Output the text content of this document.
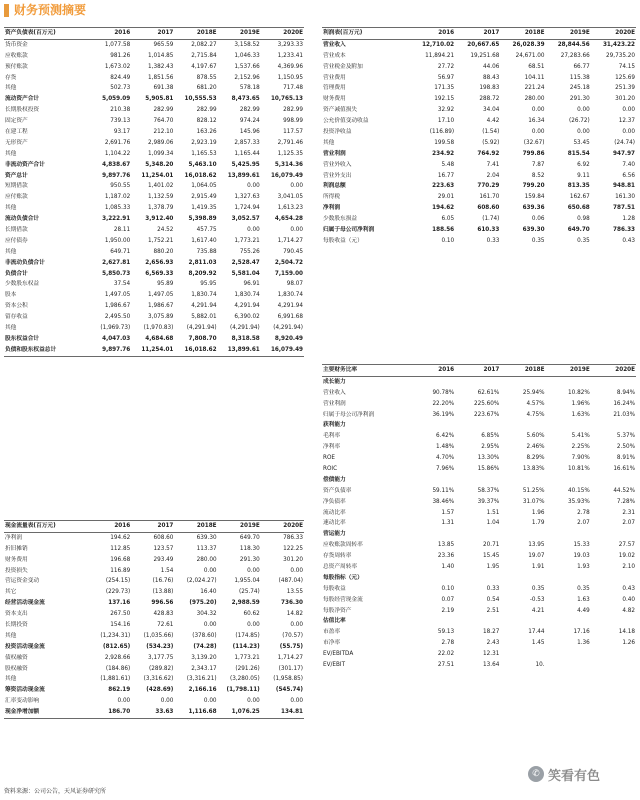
财务预测摘要
资产负债表(百万元)	2016	2017	2018E	2019E	2020E
货币资金	1,077.58	965.59	2,082.27	3,158.52	3,293.33
应收账款	981.26	1,014.85	2,715.84	1,046.33	1,233.41
预付账款	1,673.02	1,382.43	4,197.67	1,537.66	4,369.96
存货	824.49	1,851.56	878.55	2,152.96	1,150.95
其他	502.73	691.38	681.20	578.18	717.48
流动资产合计	5,059.09	5,905.81	10,555.53	8,473.65	10,765.13
长期股权投资	210.38	282.99	282.99	282.99	282.99
固定资产	739.13	764.70	828.12	974.24	998.99
在建工程	93.17	212.10	163.26	145.96	117.57
无形资产	2,691.76	2,989.06	2,923.19	2,857.33	2,791.46
其他	1,104.22	1,099.34	1,165.53	1,165.44	1,125.35
非流动资产合计	4,838.67	5,348.20	5,463.10	5,425.95	5,314.36
资产总计	9,897.76	11,254.01	16,018.62	13,899.61	16,079.49
短期借款	950.55	1,401.02	1,064.05	0.00	0.00
应付账款	1,187.02	1,132.59	2,915.49	1,327.63	3,041.05
其他	1,085.33	1,378.79	1,419.35	1,724.94	1,613.23
流动负债合计	3,222.91	3,912.40	5,398.89	3,052.57	4,654.28
长期借款	28.11	24.52	457.75	0.00	0.00
应付债券	1,950.00	1,752.21	1,617.40	1,773.21	1,714.27
其他	649.71	880.20	735.88	755.26	790.45
非流动负债合计	2,627.81	2,656.93	2,811.03	2,528.47	2,504.72
负债合计	5,850.73	6,569.33	8,209.92	5,581.04	7,159.00
少数股东权益	37.54	95.89	95.95	96.91	98.07
股本	1,497.05	1,497.05	1,830.74	1,830.74	1,830.74
资本公积	1,986.67	1,986.67	4,291.94	4,291.94	4,291.94
留存收益	2,495.50	3,075.89	5,882.01	6,390.02	6,991.68
其他	(1,969.73)	(1,970.83)	(4,291.94)	(4,291.94)	(4,291.94)
股东权益合计	4,047.03	4,684.68	7,808.70	8,318.58	8,920.49
负债和股东权益总计	9,897.76	11,254.01	16,018.62	13,899.61	16,079.49
利润表(百万元)	2016	2017	2018E	2019E	2020E
营业收入	12,710.02	20,667.65	26,028.39	28,844.56	31,423.22
营业成本	11,894.21	19,251.68	24,671.00	27,283.66	29,735.20
营业税金及附加	27.72	44.06	68.51	66.77	74.15
营业费用	56.97	88.43	104.11	115.38	125.69
管理费用	171.35	198.83	221.24	245.18	251.39
财务费用	192.15	288.72	280.00	291.30	301.20
资产减值损失	32.92	34.04	0.00	0.00	0.00
公允价值变动收益	17.10	4.42	16.34	(26.72)	12.37
投资净收益	(116.89)	(1.54)	0.00	0.00	0.00
其他	199.58	(5.92)	(32.67)	53.45	(24.74)
营业利润	234.92	764.92	799.86	815.54	947.97
营业外收入	5.48	7.41	7.87	6.92	7.40
营业外支出	16.77	2.04	8.52	9.11	6.56
利润总额	223.63	770.29	799.20	813.35	948.81
所得税	29.01	161.70	159.84	162.67	161.30
净利润	194.62	608.60	639.36	650.68	787.51
少数股东损益	6.05	(1.74)	0.06	0.98	1.28
归属于母公司净利润	188.56	610.33	639.30	649.70	786.33
每股收益（元）	0.10	0.33	0.35	0.35	0.43
主要财务比率	2016	2017	2018E	2019E	2020E
成长能力					
营业收入	90.78%	62.61%	25.94%	10.82%	8.94%
营业利润	22.20%	225.60%	4.57%	1.96%	16.24%
归属于母公司净利润	36.19%	223.67%	4.75%	1.63%	21.03%
获利能力					
毛利率	6.42%	6.85%	5.60%	5.41%	5.37%
净利率	1.48%	2.95%	2.46%	2.25%	2.50%
ROE	4.70%	13.30%	8.29%	7.90%	8.91%
ROIC	7.96%	15.86%	13.83%	10.81%	16.61%
偿债能力					
资产负债率	59.11%	58.37%	51.25%	40.15%	44.52%
净负债率	38.46%	39.37%	31.07%	35.93%	7.28%
流动比率	1.57	1.51	1.96	2.78	2.31
速动比率	1.31	1.04	1.79	2.07	2.07
营运能力					
应收账款周转率	13.85	20.71	13.95	15.33	27.57
存货周转率	23.36	15.45	19.07	19.03	19.02
总资产周转率	1.40	1.95	1.91	1.93	2.10
每股指标（元）					
每股收益	0.10	0.33	0.35	0.35	0.43
每股经营现金流	0.07	0.54	-0.53	1.63	0.40
每股净资产	2.19	2.51	4.21	4.49	4.82
估值比率					
市盈率	59.13	18.27	17.44	17.16	14.18
市净率	2.78	2.43	1.45	1.36	1.26
EV/EBITDA	22.02	12.31			
EV/EBIT	27.51	13.64	10.		
现金流量表(百万元)	2016	2017	2018E	2019E	2020E
净利润	194.62	608.60	639.30	649.70	786.33
折旧摊销	112.85	123.57	113.37	118.30	122.25
财务费用	196.68	293.49	280.00	291.30	301.20
投资损失	116.89	1.54	0.00	0.00	0.00
营运资金变动	(254.15)	(16.76)	(2,024.27)	1,955.04	(487.04)
其它	(229.73)	(13.88)	16.40	(25.74)	13.55
经营活动现金流	137.16	996.56	(975.20)	2,988.59	736.30
资本支出	267.50	428.83	304.32	60.62	14.82
长期投资	154.16	72.61	0.00	0.00	0.00
其他	(1,234.31)	(1,035.66)	(378.60)	(174.85)	(70.57)
投资活动现金流	(812.65)	(534.23)	(74.28)	(114.23)	(55.75)
债权融资	2,928.66	3,177.75	3,139.20	1,773.21	1,714.27
股权融资	(184.86)	(289.82)	2,343.17	(291.26)	(301.17)
其他	(1,881.61)	(3,316.62)	(3,316.21)	(3,280.05)	(1,958.85)
筹资活动现金流	862.19	(428.69)	2,166.16	(1,798.11)	(545.74)
汇率变动影响	0.00	0.00	0.00	0.00	0.00
现金净增加额	186.70	33.63	1,116.68	1,076.25	134.81
资料来源：公司公告，天风证券研究所
✆ 笑看有色
